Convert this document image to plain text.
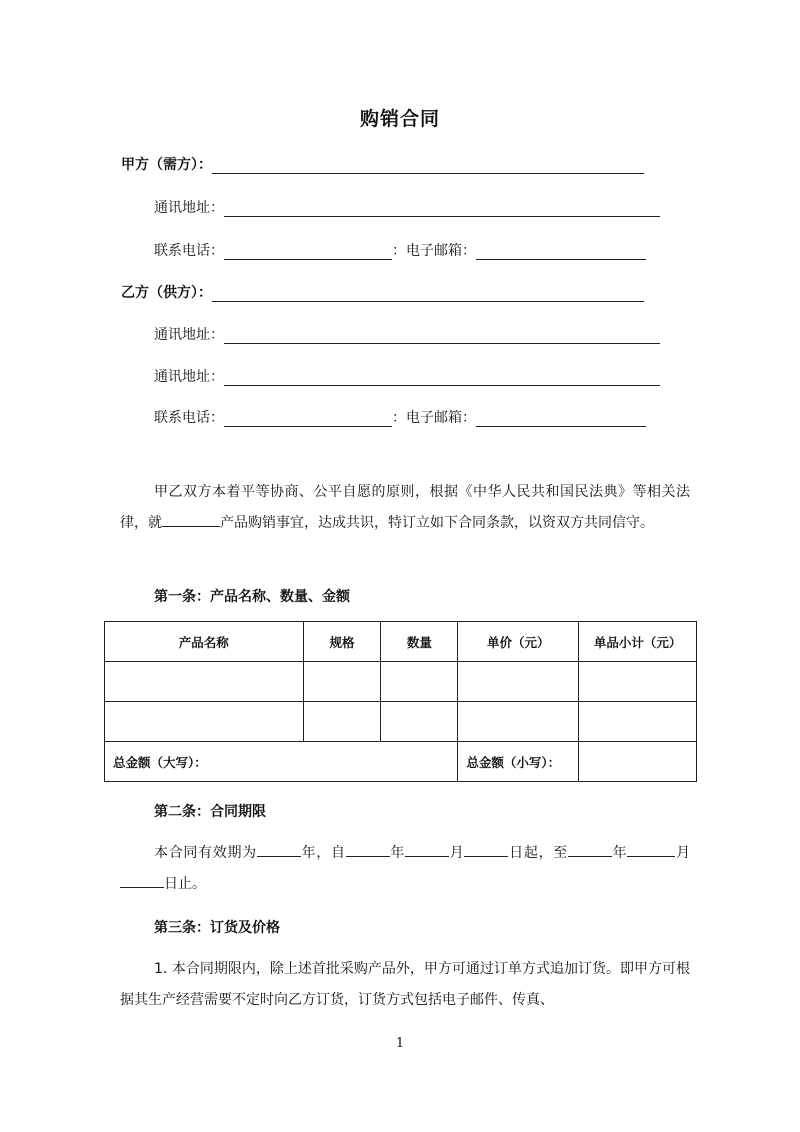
购销合同
甲方（需方）：
通讯地址：
联系电话：	：电子邮箱：
乙方（供方）：
通讯地址：
通讯地址：
联系电话：	：电子邮箱：
甲乙双方本着平等协商、公平自愿的原则，根据《中华人民共和国民法典》等相关法律，就	产品购销事宜，达成共识，特订立如下合同条款，以资双方共同信守。
第一条：产品名称、数量、金额
产品名称	规格	数量	单价（元）	单品小计（元）

总金额（大写）：			总金额（小写）：	
第二条：合同期限
本合同有效期为	年，自	年	月	日起，至	年	月日止。
第三条：订货及价格
1. 本合同期限内，除上述首批采购产品外，甲方可通过订单方式追加订货。即甲方可根据其生产经营需要不定时向乙方订货，订货方式包括电子邮件、传真、
1
